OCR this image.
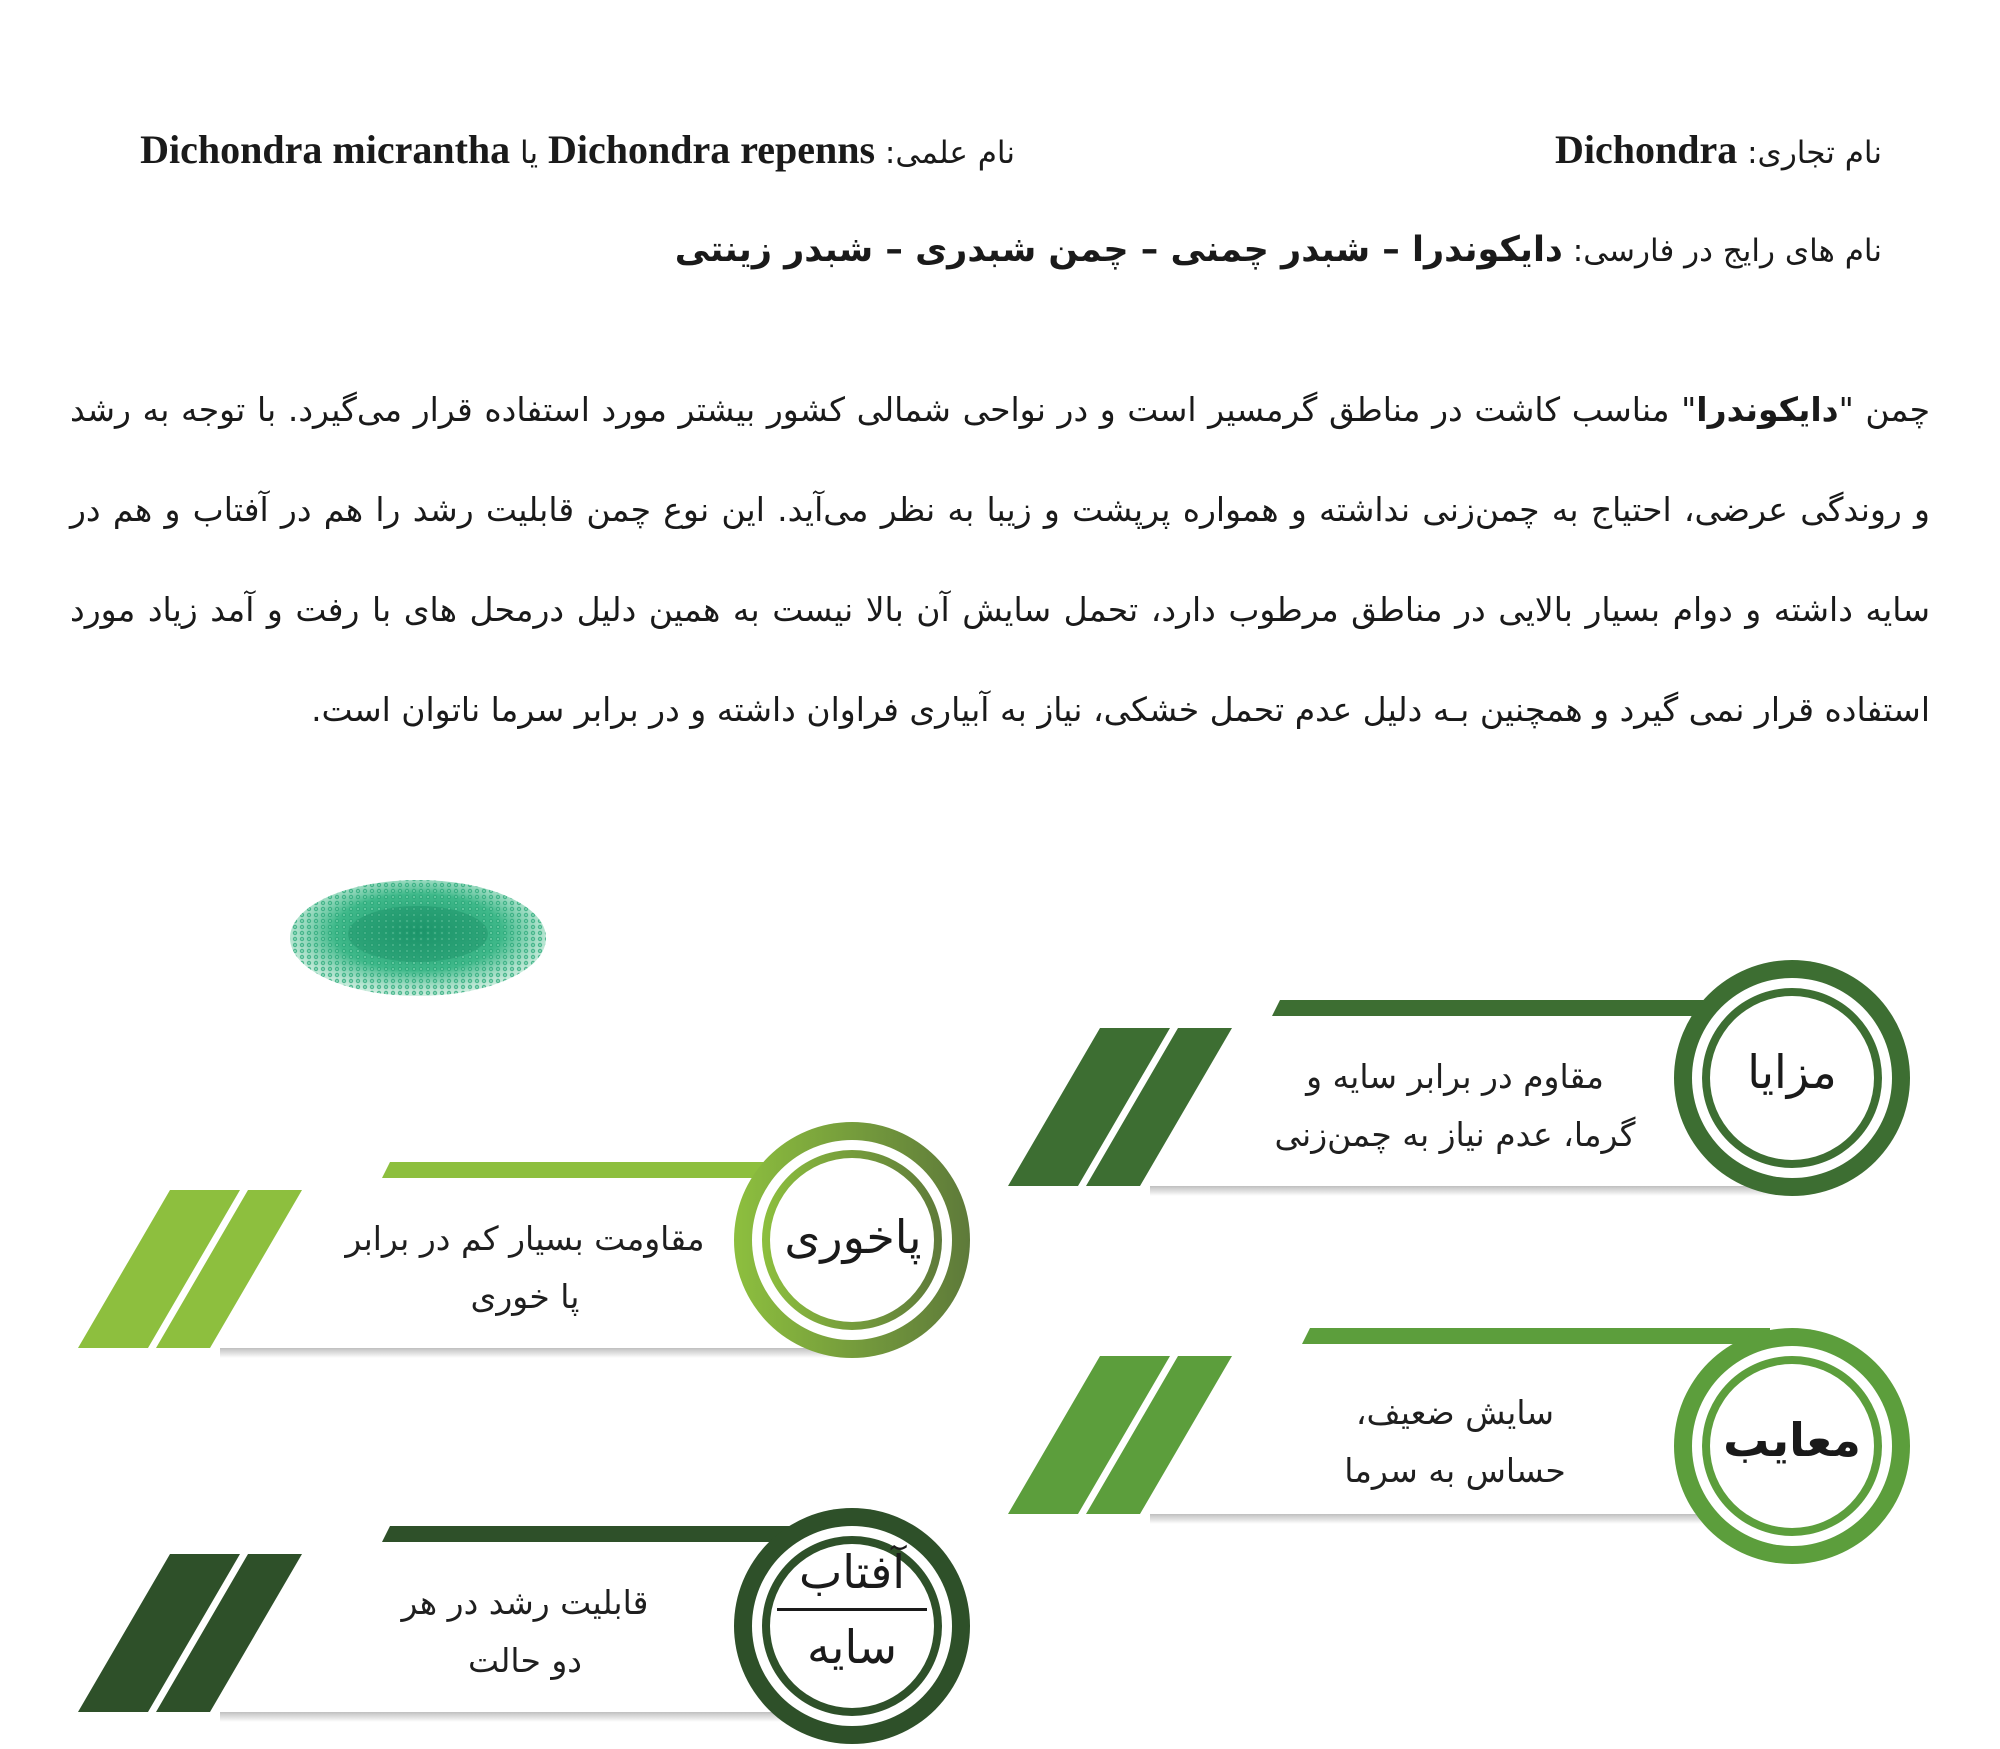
نام تجاری: Dichondra
نام علمی: Dichondra repenns یا Dichondra micrantha
نام های رایج در فارسی: دایکوندرا – شبدر چمنی – چمن شبدری – شبدر زینتی
چمن "دایکوندرا" مناسب کاشت در مناطق گرمسیر است و در نواحی شمالی کشور بیشتر مورد استفاده قرار می‌گیرد. با توجه به رشد و روندگی عرضی، احتیاج به چمن‌زنی نداشته و همواره پرپشت و زیبا به نظر می‌آید. این نوع چمن قابلیت رشد را هم در آفتاب و هم در سایه داشته و دوام بسیار بالایی در مناطق مرطوب دارد، تحمل سایش آن بالا نیست به همین دلیل درمحل های با رفت و آمد زیاد مورد استفاده قرار نمی گیرد و همچنین بـه دلیل عدم تحمل خشکی، نیاز به آبیاری فراوان داشته و در برابر سرما ناتوان است.
مزایا
مقاوم در برابر سایه و
گرما، عدم نیاز به چمن‌زنی
پاخوری
مقاومت بسیار کم در برابر
پا خوری
معایب
سایش ضعیف،
حساس به سرما
آفتاب
سایه
قابلیت رشد در هر
دو حالت
